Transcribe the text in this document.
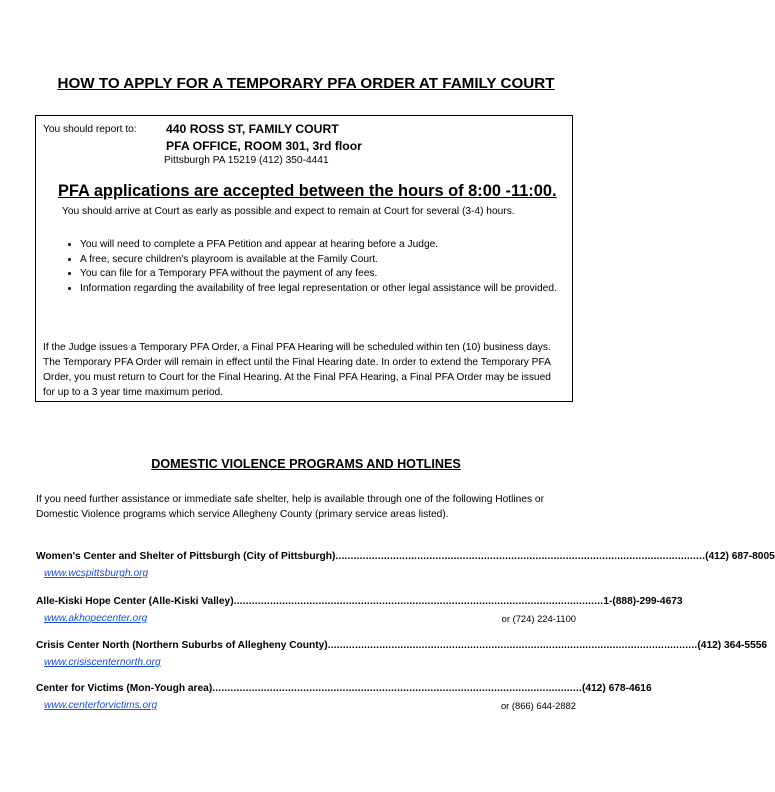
HOW TO APPLY FOR A TEMPORARY PFA ORDER AT FAMILY COURT
You should report to: 440 ROSS ST, FAMILY COURT
PFA OFFICE, ROOM 301, 3rd floor
Pittsburgh PA 15219 (412) 350-4441
PFA applications are accepted between the hours of 8:00 -11:00.
You should arrive at Court as early as possible and expect to remain at Court for several (3-4) hours.
• You will need to complete a PFA Petition and appear at hearing before a Judge.
• A free, secure children's playroom is available at the Family Court.
• You can file for a Temporary PFA without the payment of any fees.
• Information regarding the availability of free legal representation or other legal assistance will be provided.
If the Judge issues a Temporary PFA Order, a Final PFA Hearing will be scheduled within ten (10) business days. The Temporary PFA Order will remain in effect until the Final Hearing date. In order to extend the Temporary PFA Order, you must return to Court for the Final Hearing. At the Final PFA Hearing, a Final PFA Order may be issued for up to a 3 year time maximum period.
DOMESTIC VIOLENCE PROGRAMS AND HOTLINES
If you need further assistance or immediate safe shelter, help is available through one of the following Hotlines or Domestic Violence programs which service Allegheny County (primary service areas listed).
Women's Center and Shelter of Pittsburgh (City of Pittsburgh) .......................................................................................................................... (412) 687-8005
www.wcspittsburgh.org
Alle-Kiski Hope Center (Alle-Kiski Valley) .......................................................................................................................... 1-(888)-299-4673
www.akhopecenter.org	or (724) 224-1100
Crisis Center North (Northern Suburbs of Allegheny County) .......................................................................................................................... (412) 364-5556
www.crisiscenternorth.org
Center for Victims (Mon-Yough area) .......................................................................................................................... (412) 678-4616
www.centerforvictims.org	or (866) 644-2882
